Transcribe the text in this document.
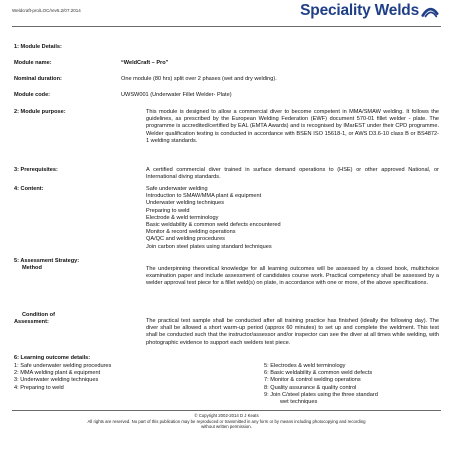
Weldcraft-pro/LOC/rev5.2/07.2014	Speciality Welds
1: Module Details:
Module name:	“WeldCraft – Pro”
Nominal duration:	One module (80 hrs) split over 2 phases (wet and dry welding).
Module code:	UWSW001 (Underwater Fillet Welder- Plate)
2: Module purpose:	This module is designed to allow a commercial diver to become competent in MMA/SMAW welding. It follows the guidelines, as prescribed by the European Welding Federation (EWF) document 570-01 fillet welder - plate. The programme is accredited/certified by EAL (EMTA Awards) and is recognised by IMarEST under their CPD programme. Welder qualification testing is conducted in accordance with BSEN ISO 15618-1, or AWS D3.6-10 class B or BS4872-1 welding standards.
3: Prerequisites:	A certified commercial diver trained in surface demand operations to (HSE) or other approved National, or International diving standards.
4: Content:	Safe underwater welding
Introduction to SMAW/MMA plant & equipment
Underwater welding techniques
Preparing to weld
Electrode & weld terminology
Basic weldability & common weld defects encountered
Monitor & record welding operations
QA/QC and welding procedures
Join carbon steel plates using standard techniques
5: Assessment Strategy:
Method	The underpinning theoretical knowledge for all learning outcomes will be assessed by a closed book, multichoice examination paper and include assessment of candidates course work. Practical competency shall be assessed by a welder approval test piece for a fillet weld(s) on plate, in accordance with one or more, of the above specifications.
Condition of
Assessment:	The practical test sample shall be conducted after all training practice has finished (ideally the following day). The diver shall be allowed a short warm-up period (approx 60 minutes) to set up and complete the weldment. This test shall be conducted such that the instructor/assessor and/or inspector can see the diver at all times while welding, with photographic evidence to support each welders test piece.
6: Learning outcome details:
1: Safe underwater welding procedures
2: MMA welding plant & equipment
3: Underwater welding techniques
4: Preparing to weld
5: Electrodes & weld terminology
6: Basic weldability & common weld defects
7: Monitor & control welding operations
8: Quality assurance & quality control
9: Join C/steel plates using the three standard
wet techniques
© Copyright 2002-2014 D J Keats
All rights are reserved. No part of this publication may be reproduced or transmitted in any form or by means including photocopying and recording
without written permission.
